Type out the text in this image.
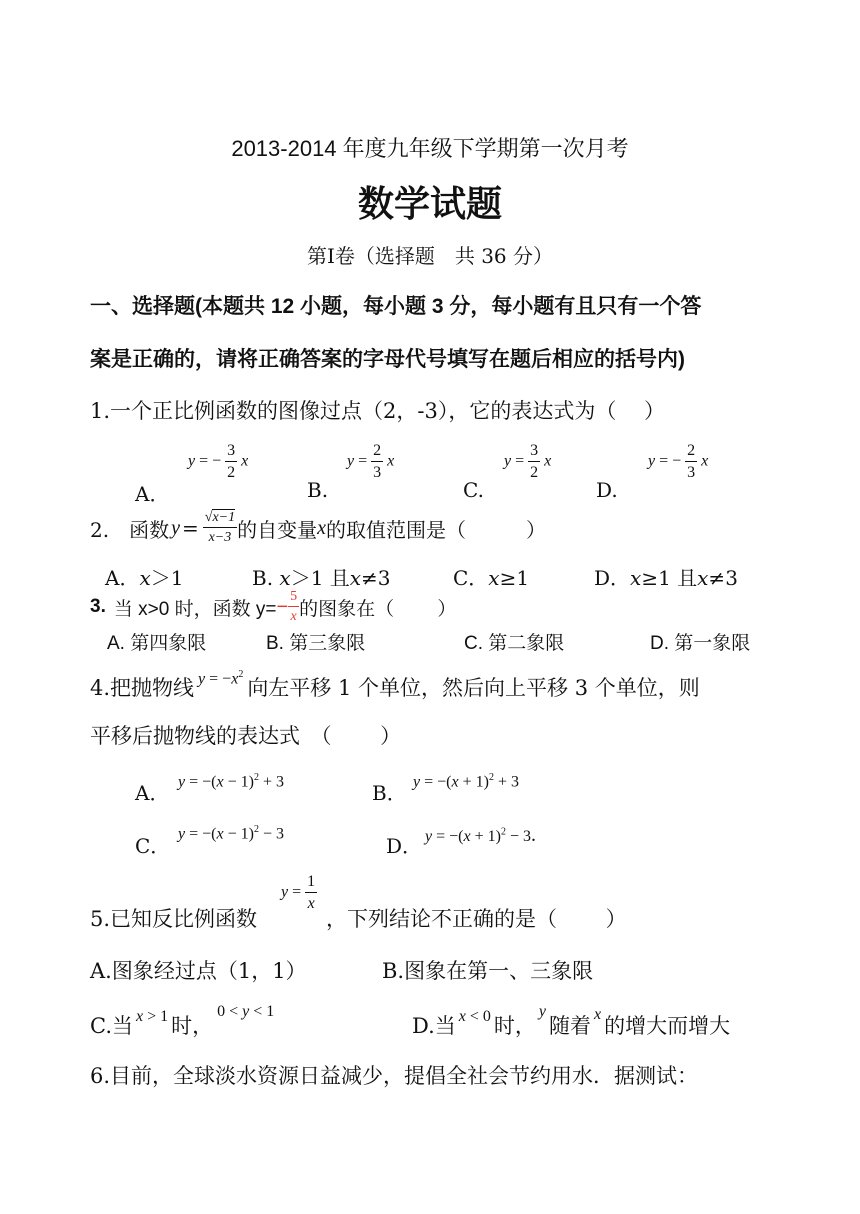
2013-2014 年度九年级下学期第一次月考
数学试题
第Ⅰ卷（选择题　共 36 分）
一、选择题(本题共 12 小题，每小题 3 分，每小题有且只有一个答
案是正确的，请将正确答案的字母代号填写在题后相应的括号内)
1.一个正比例函数的图像过点（2，-3），它的表达式为（　 ）
A．
y = − $\frac{3}{2}$ x
B.
$y = \frac{2}{3}$ x
C.
$y = \frac{3}{2}$ x
D.
y = − $\frac{2}{3}$ x
2.　函数 $y = \frac{√x-1}{x-3}$ 的自变量 x 的取值范围是（　　　）
A．𝑥＞1	B. 𝑥＞1 且𝑥≠3	C．𝑥≥1	D．𝑥≥1 且𝑥≠3
3. 当 x>0 时，函数 $y= - \frac{5}{x}$ 的图象在（　　 ）
A. 第四象限	B. 第三象限	C. 第二象限	D. 第一象限
4.把抛物线 $y = -x^2$
向左平移 1 个单位，然后向上平移 3 个单位，则
平移后抛物线的表达式　（　　 ）
A． $y = -(x - 1)^2 + 3$	B． $y = -(x + 1)^2 + 3$
C．
$y = -(x - 1)^2 - 3$
D． $y = -(x + 1)^2 - 3$.
5.已知反比例函数
$y = \frac{1}{x}$
，下列结论不正确的是（　　 ）
A.图象经过点（1，1）	B.图象在第一、三象限
C.当 x > 1 时，
0 < y < 1
D.当 x < 0 时，
y
随着 x 的增大而增大
6.目前，全球淡水资源日益减少，提倡全社会节约用水．据测试：
